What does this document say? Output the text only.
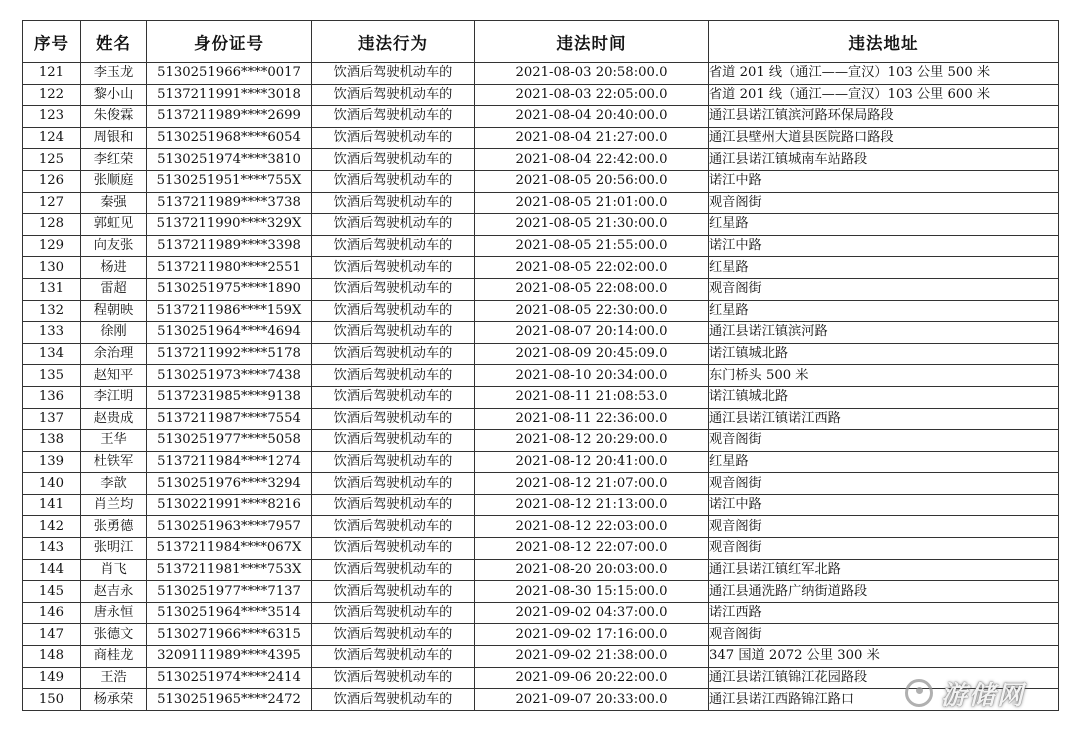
序号	姓名	身份证号	违法行为	违法时间	违法地址
121	李玉龙	5130251966****0017	饮酒后驾驶机动车的	2021-08-03 20:58:00.0	省道 201 线（通江——宣汉）103 公里 500 米
122	黎小山	5137211991****3018	饮酒后驾驶机动车的	2021-08-03 22:05:00.0	省道 201 线（通江——宣汉）103 公里 600 米
123	朱俊霖	5137211989****2699	饮酒后驾驶机动车的	2021-08-04 20:40:00.0	通江县诺江镇滨河路环保局路段
124	周银和	5130251968****6054	饮酒后驾驶机动车的	2021-08-04 21:27:00.0	通江县壁州大道县医院路口路段
125	李红荣	5130251974****3810	饮酒后驾驶机动车的	2021-08-04 22:42:00.0	通江县诺江镇城南车站路段
126	张顺庭	5130251951****755X	饮酒后驾驶机动车的	2021-08-05 20:56:00.0	诺江中路
127	秦强	5137211989****3738	饮酒后驾驶机动车的	2021-08-05 21:01:00.0	观音阁街
128	郭虹见	5137211990****329X	饮酒后驾驶机动车的	2021-08-05 21:30:00.0	红星路
129	向友张	5137211989****3398	饮酒后驾驶机动车的	2021-08-05 21:55:00.0	诺江中路
130	杨进	5137211980****2551	饮酒后驾驶机动车的	2021-08-05 22:02:00.0	红星路
131	雷超	5130251975****1890	饮酒后驾驶机动车的	2021-08-05 22:08:00.0	观音阁街
132	程朝映	5137211986****159X	饮酒后驾驶机动车的	2021-08-05 22:30:00.0	红星路
133	徐刚	5130251964****4694	饮酒后驾驶机动车的	2021-08-07 20:14:00.0	通江县诺江镇滨河路
134	余治理	5137211992****5178	饮酒后驾驶机动车的	2021-08-09 20:45:09.0	诺江镇城北路
135	赵知平	5130251973****7438	饮酒后驾驶机动车的	2021-08-10 20:34:00.0	东门桥头 500 米
136	李江明	5137231985****9138	饮酒后驾驶机动车的	2021-08-11 21:08:53.0	诺江镇城北路
137	赵贵成	5137211987****7554	饮酒后驾驶机动车的	2021-08-11 22:36:00.0	通江县诺江镇诺江西路
138	王华	5130251977****5058	饮酒后驾驶机动车的	2021-08-12 20:29:00.0	观音阁街
139	杜铁军	5137211984****1274	饮酒后驾驶机动车的	2021-08-12 20:41:00.0	红星路
140	李歆	5130251976****3294	饮酒后驾驶机动车的	2021-08-12 21:07:00.0	观音阁街
141	肖兰均	5130221991****8216	饮酒后驾驶机动车的	2021-08-12 21:13:00.0	诺江中路
142	张勇德	5130251963****7957	饮酒后驾驶机动车的	2021-08-12 22:03:00.0	观音阁街
143	张明江	5137211984****067X	饮酒后驾驶机动车的	2021-08-12 22:07:00.0	观音阁街
144	肖飞	5137211981****753X	饮酒后驾驶机动车的	2021-08-20 20:03:00.0	通江县诺江镇红军北路
145	赵吉永	5130251977****7137	饮酒后驾驶机动车的	2021-08-30 15:15:00.0	通江县通洗路广纳街道路段
146	唐永恒	5130251964****3514	饮酒后驾驶机动车的	2021-09-02 04:37:00.0	诺江西路
147	张德文	5130271966****6315	饮酒后驾驶机动车的	2021-09-02 17:16:00.0	观音阁街
148	商桂龙	3209111989****4395	饮酒后驾驶机动车的	2021-09-02 21:38:00.0	347 国道 2072 公里 300 米
149	王浩	5130251974****2414	饮酒后驾驶机动车的	2021-09-06 20:22:00.0	通江县诺江镇锦江花园路段
150	杨承荣	5130251965****2472	饮酒后驾驶机动车的	2021-09-07 20:33:00.0	通江县诺江西路锦江路口	游储网
